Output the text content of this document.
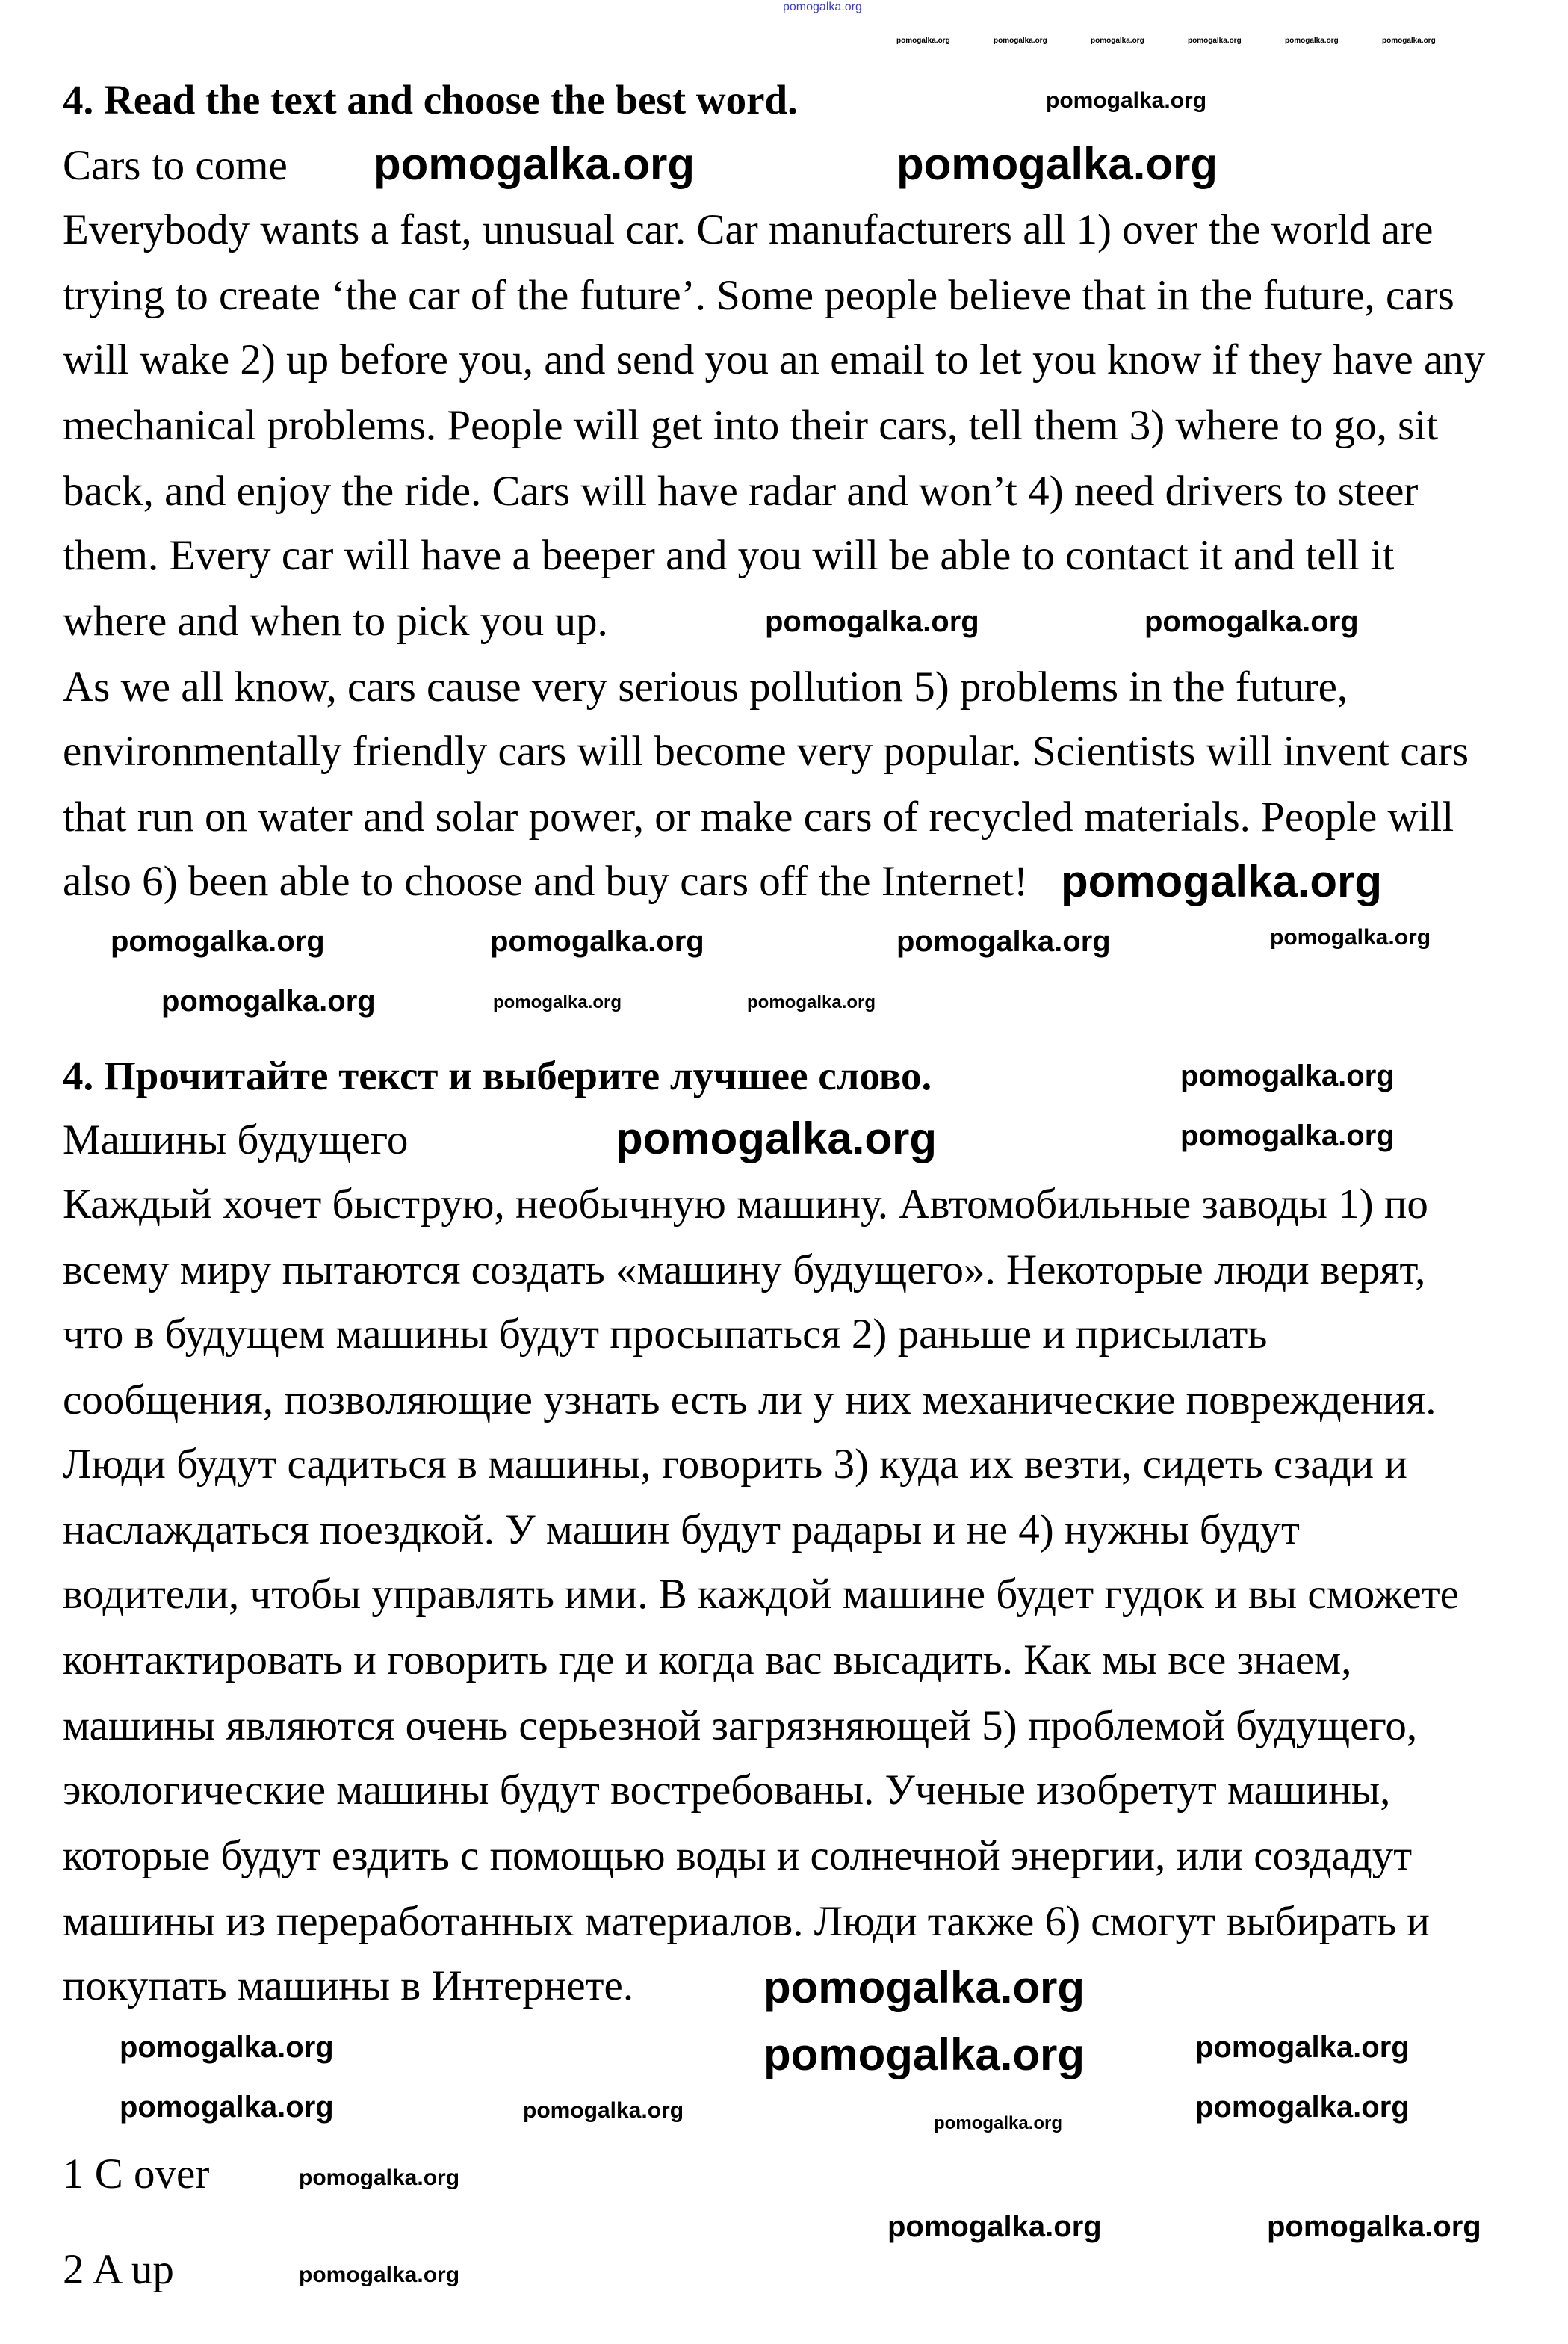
4. Read the text and choose the best word.
Cars to come
Everybody wants a fast, unusual car. Car manufacturers all 1) over the world are
trying to create ‘the car of the future’. Some people believe that in the future, cars
will wake 2) up before you, and send you an email to let you know if they have any
mechanical problems. People will get into their cars, tell them 3) where to go, sit
back, and enjoy the ride. Cars will have radar and won’t 4) need drivers to steer
them. Every car will have a beeper and you will be able to contact it and tell it
where and when to pick you up.
As we all know, cars cause very serious pollution 5) problems in the future,
environmentally friendly cars will become very popular. Scientists will invent cars
that run on water and solar power, or make cars of recycled materials. People will
also 6) been able to choose and buy cars off the Internet!
4. Прочитайте текст и выберите лучшее слово.
Машины будущего
Каждый хочет быструю, необычную машину. Автомобильные заводы 1) по
всему миру пытаются создать «машину будущего». Некоторые люди верят,
что в будущем машины будут просыпаться 2) раньше и присылать
сообщения, позволяющие узнать есть ли у них механические повреждения.
Люди будут садиться в машины, говорить 3) куда их везти, сидеть сзади и
наслаждаться поездкой. У машин будут радары и не 4) нужны будут
водители, чтобы управлять ими. В каждой машине будет гудок и вы сможете
контактировать и говорить где и когда вас высадить. Как мы все знаем,
машины являются очень серьезной загрязняющей 5) проблемой будущего,
экологические машины будут востребованы. Ученые изобретут машины,
которые будут ездить с помощью воды и солнечной энергии, или создадут
машины из переработанных материалов. Люди также 6) смогут выбирать и
покупать машины в Интернете.
1 C over
2 A up
pomogalka.org	pomogalka.org
pomogalka.org
pomogalka.org
pomogalka.org
pomogalka.org
pomogalka.org	pomogalka.org
pomogalka.org	pomogalka.org	pomogalka.org
pomogalka.org
pomogalka.org
pomogalka.org
pomogalka.org	pomogalka.org
pomogalka.org	pomogalka.org
pomogalka.org	pomogalka.org
pomogalka.org
pomogalka.org
pomogalka.org
pomogalka.org
pomogalka.org
pomogalka.org	pomogalka.org
pomogalka.org
pomogalka.org	pomogalka.org	pomogalka.org	pomogalka.org	pomogalka.org	pomogalka.org
pomogalka.org
